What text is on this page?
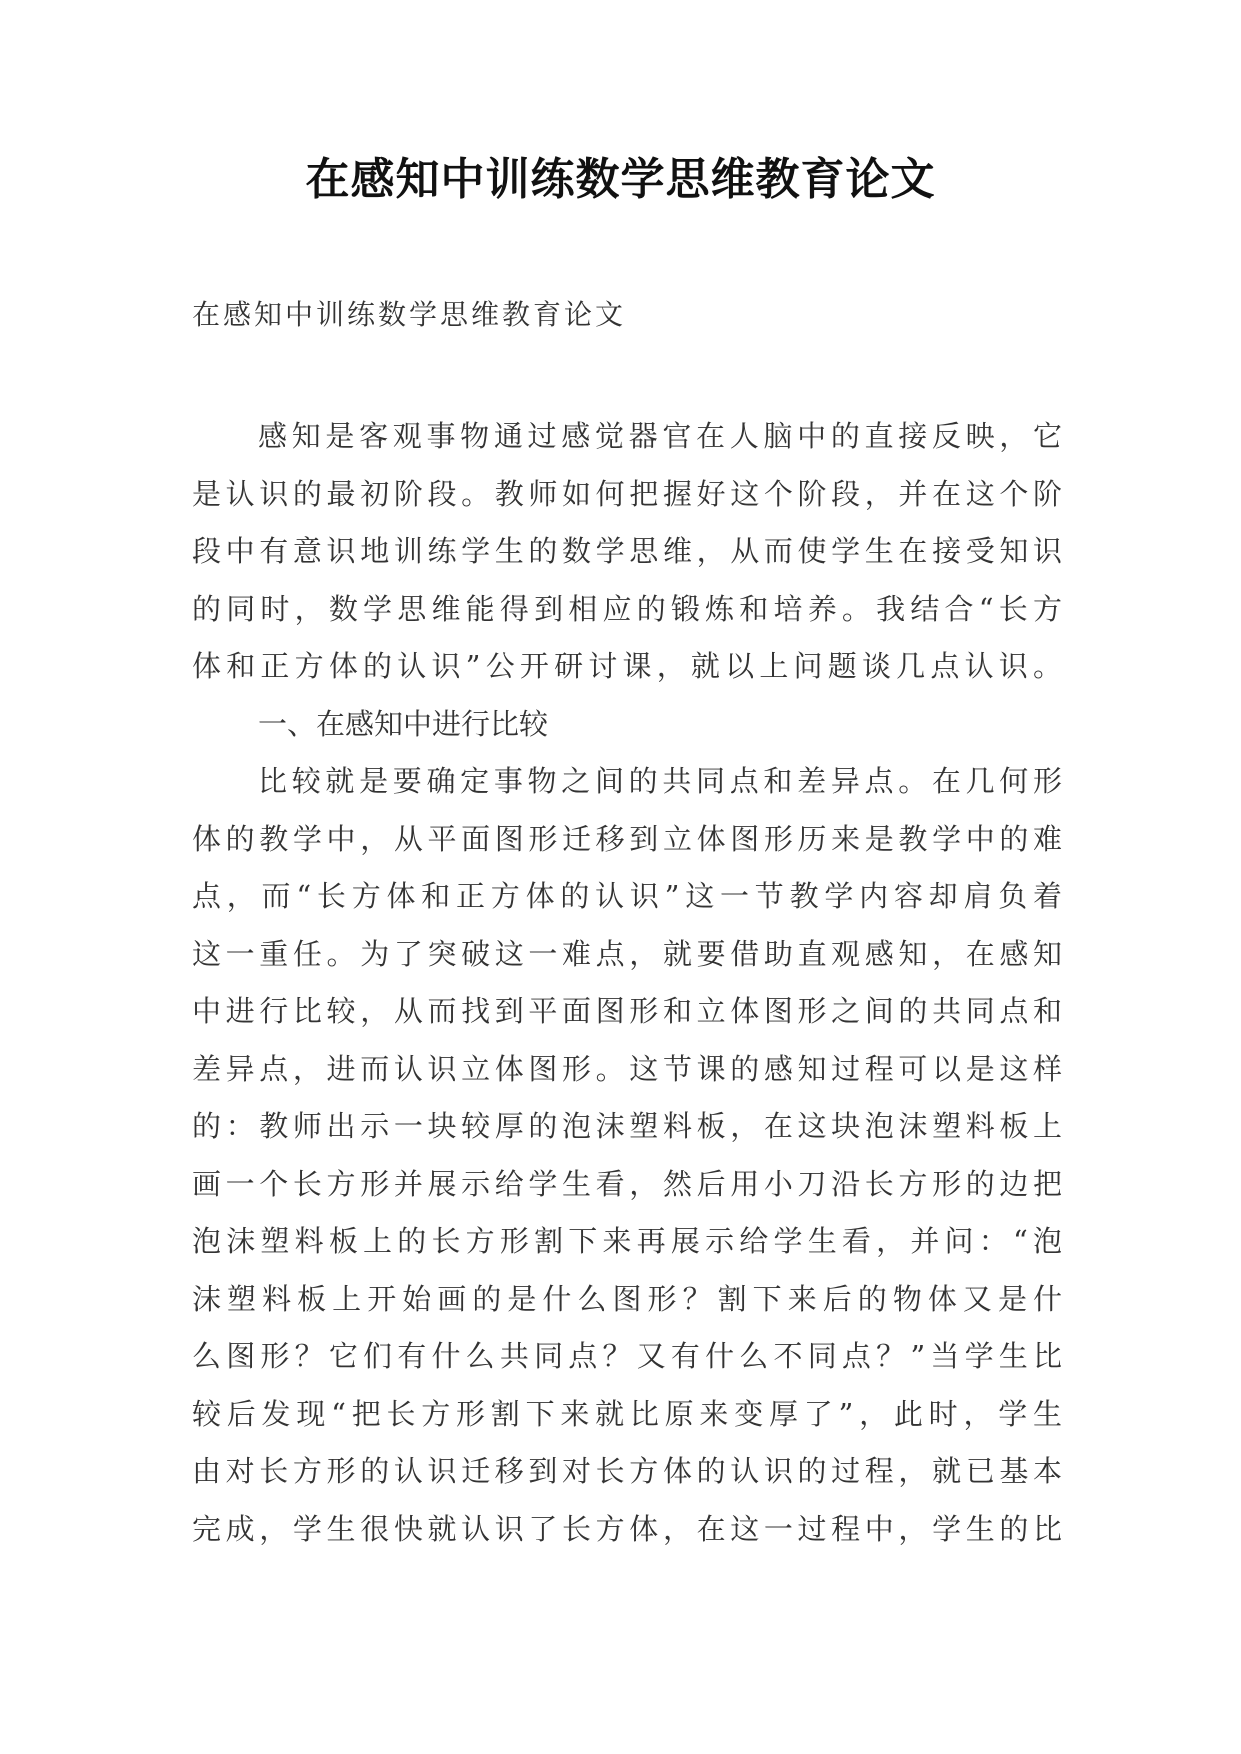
在感知中训练数学思维教育论文
在感知中训练数学思维教育论文
感知是客观事物通过感觉器官在人脑中的直接反映，它
是认识的最初阶段。教师如何把握好这个阶段，并在这个阶
段中有意识地训练学生的数学思维，从而使学生在接受知识
的同时，数学思维能得到相应的锻炼和培养。我结合“长方
体和正方体的认识”公开研讨课，就以上问题谈几点认识。
一、在感知中进行比较
比较就是要确定事物之间的共同点和差异点。在几何形
体的教学中，从平面图形迁移到立体图形历来是教学中的难
点，而“长方体和正方体的认识”这一节教学内容却肩负着
这一重任。为了突破这一难点，就要借助直观感知，在感知
中进行比较，从而找到平面图形和立体图形之间的共同点和
差异点，进而认识立体图形。这节课的感知过程可以是这样
的：教师出示一块较厚的泡沫塑料板，在这块泡沫塑料板上
画一个长方形并展示给学生看，然后用小刀沿长方形的边把
泡沫塑料板上的长方形割下来再展示给学生看，并问：“泡
沫塑料板上开始画的是什么图形？割下来后的物体又是什
么图形？它们有什么共同点？又有什么不同点？”当学生比
较后发现“把长方形割下来就比原来变厚了”，此时，学生
由对长方形的认识迁移到对长方体的认识的过程，就已基本
完成，学生很快就认识了长方体，在这一过程中，学生的比
